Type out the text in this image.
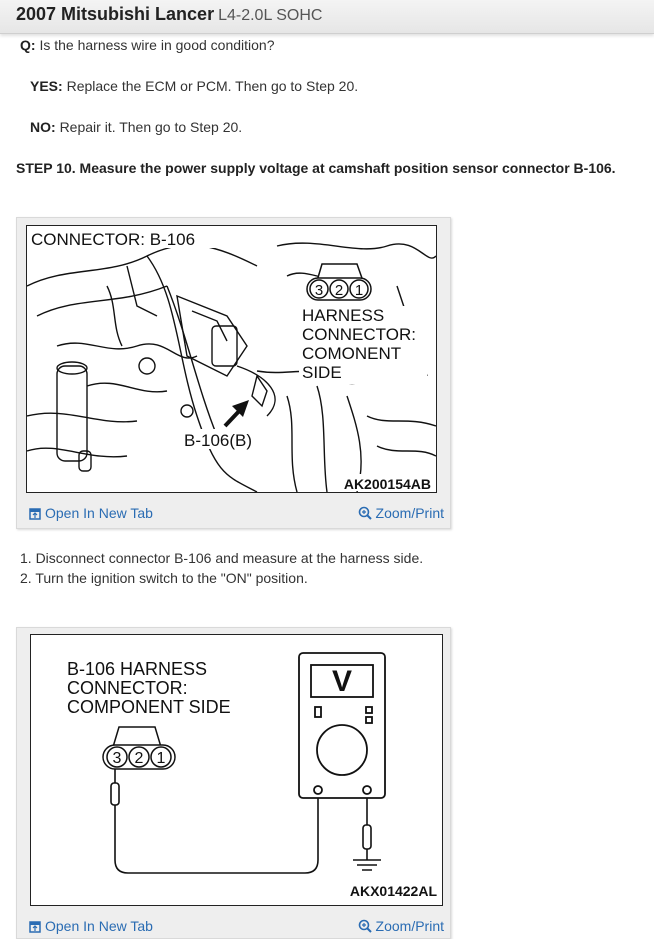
2007 Mitsubishi Lancer L4-2.0L SOHC
Q: Is the harness wire in good condition?
YES: Replace the ECM or PCM. Then go to Step 20.
NO: Repair it. Then go to Step 20.
STEP 10. Measure the power supply voltage at camshaft position sensor connector B-106.
3 2 1
CONNECTOR: B-106
HARNESS
CONNECTOR:
COMONENT
SIDE
B-106(B)
AK200154AB
Open In New Tab	Zoom/Print
1. Disconnect connector B-106 and measure at the harness side.
2. Turn the ignition switch to the "ON" position.
B-106 HARNESS
CONNECTOR:
COMPONENT SIDE
3 2 1
V
AKX01422AL
Open In New Tab	Zoom/Print
